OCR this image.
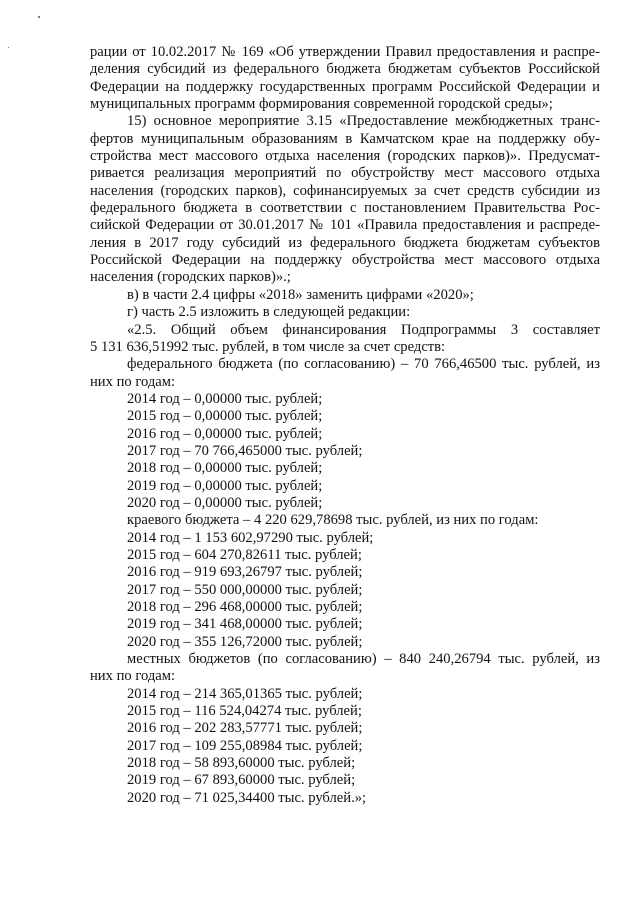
рации от 10.02.2017 № 169 «Об утверждении Правил предоставления и распре-
деления субсидий из федерального бюджета бюджетам субъектов Российской
Федерации на поддержку государственных программ Российской Федерации и
муниципальных программ формирования современной городской среды»;
15) основное мероприятие 3.15 «Предоставление межбюджетных транс-
фертов муниципальным образованиям в Камчатском крае на поддержку обу-
стройства мест массового отдыха населения (городских парков)». Предусмат-
ривается реализация мероприятий по обустройству мест массового отдыха
населения (городских парков), софинансируемых за счет средств субсидии из
федерального бюджета в соответствии с постановлением Правительства Рос-
сийской Федерации от 30.01.2017 № 101 «Правила предоставления и распреде-
ления в 2017 году субсидий из федерального бюджета бюджетам субъектов
Российской Федерации на поддержку обустройства мест массового отдыха
населения (городских парков)».;
в) в части 2.4 цифры «2018» заменить цифрами «2020»;
г) часть 2.5 изложить в следующей редакции:
«2.5. Общий объем финансирования Подпрограммы 3 составляет
5 131 636,51992 тыс. рублей, в том числе за счет средств:
федерального бюджета (по согласованию) – 70 766,46500 тыс. рублей, из
них по годам:
2014 год – 0,00000 тыс. рублей;
2015 год – 0,00000 тыс. рублей;
2016 год – 0,00000 тыс. рублей;
2017 год – 70 766,465000 тыс. рублей;
2018 год – 0,00000 тыс. рублей;
2019 год – 0,00000 тыс. рублей;
2020 год – 0,00000 тыс. рублей;
краевого бюджета – 4 220 629,78698 тыс. рублей, из них по годам:
2014 год – 1 153 602,97290 тыс. рублей;
2015 год – 604 270,82611 тыс. рублей;
2016 год – 919 693,26797 тыс. рублей;
2017 год – 550 000,00000 тыс. рублей;
2018 год – 296 468,00000 тыс. рублей;
2019 год – 341 468,00000 тыс. рублей;
2020 год – 355 126,72000 тыс. рублей;
местных бюджетов (по согласованию) – 840 240,26794 тыс. рублей, из
них по годам:
2014 год – 214 365,01365 тыс. рублей;
2015 год – 116 524,04274 тыс. рублей;
2016 год – 202 283,57771 тыс. рублей;
2017 год – 109 255,08984 тыс. рублей;
2018 год – 58 893,60000 тыс. рублей;
2019 год – 67 893,60000 тыс. рублей;
2020 год – 71 025,34400 тыс. рублей.»;
